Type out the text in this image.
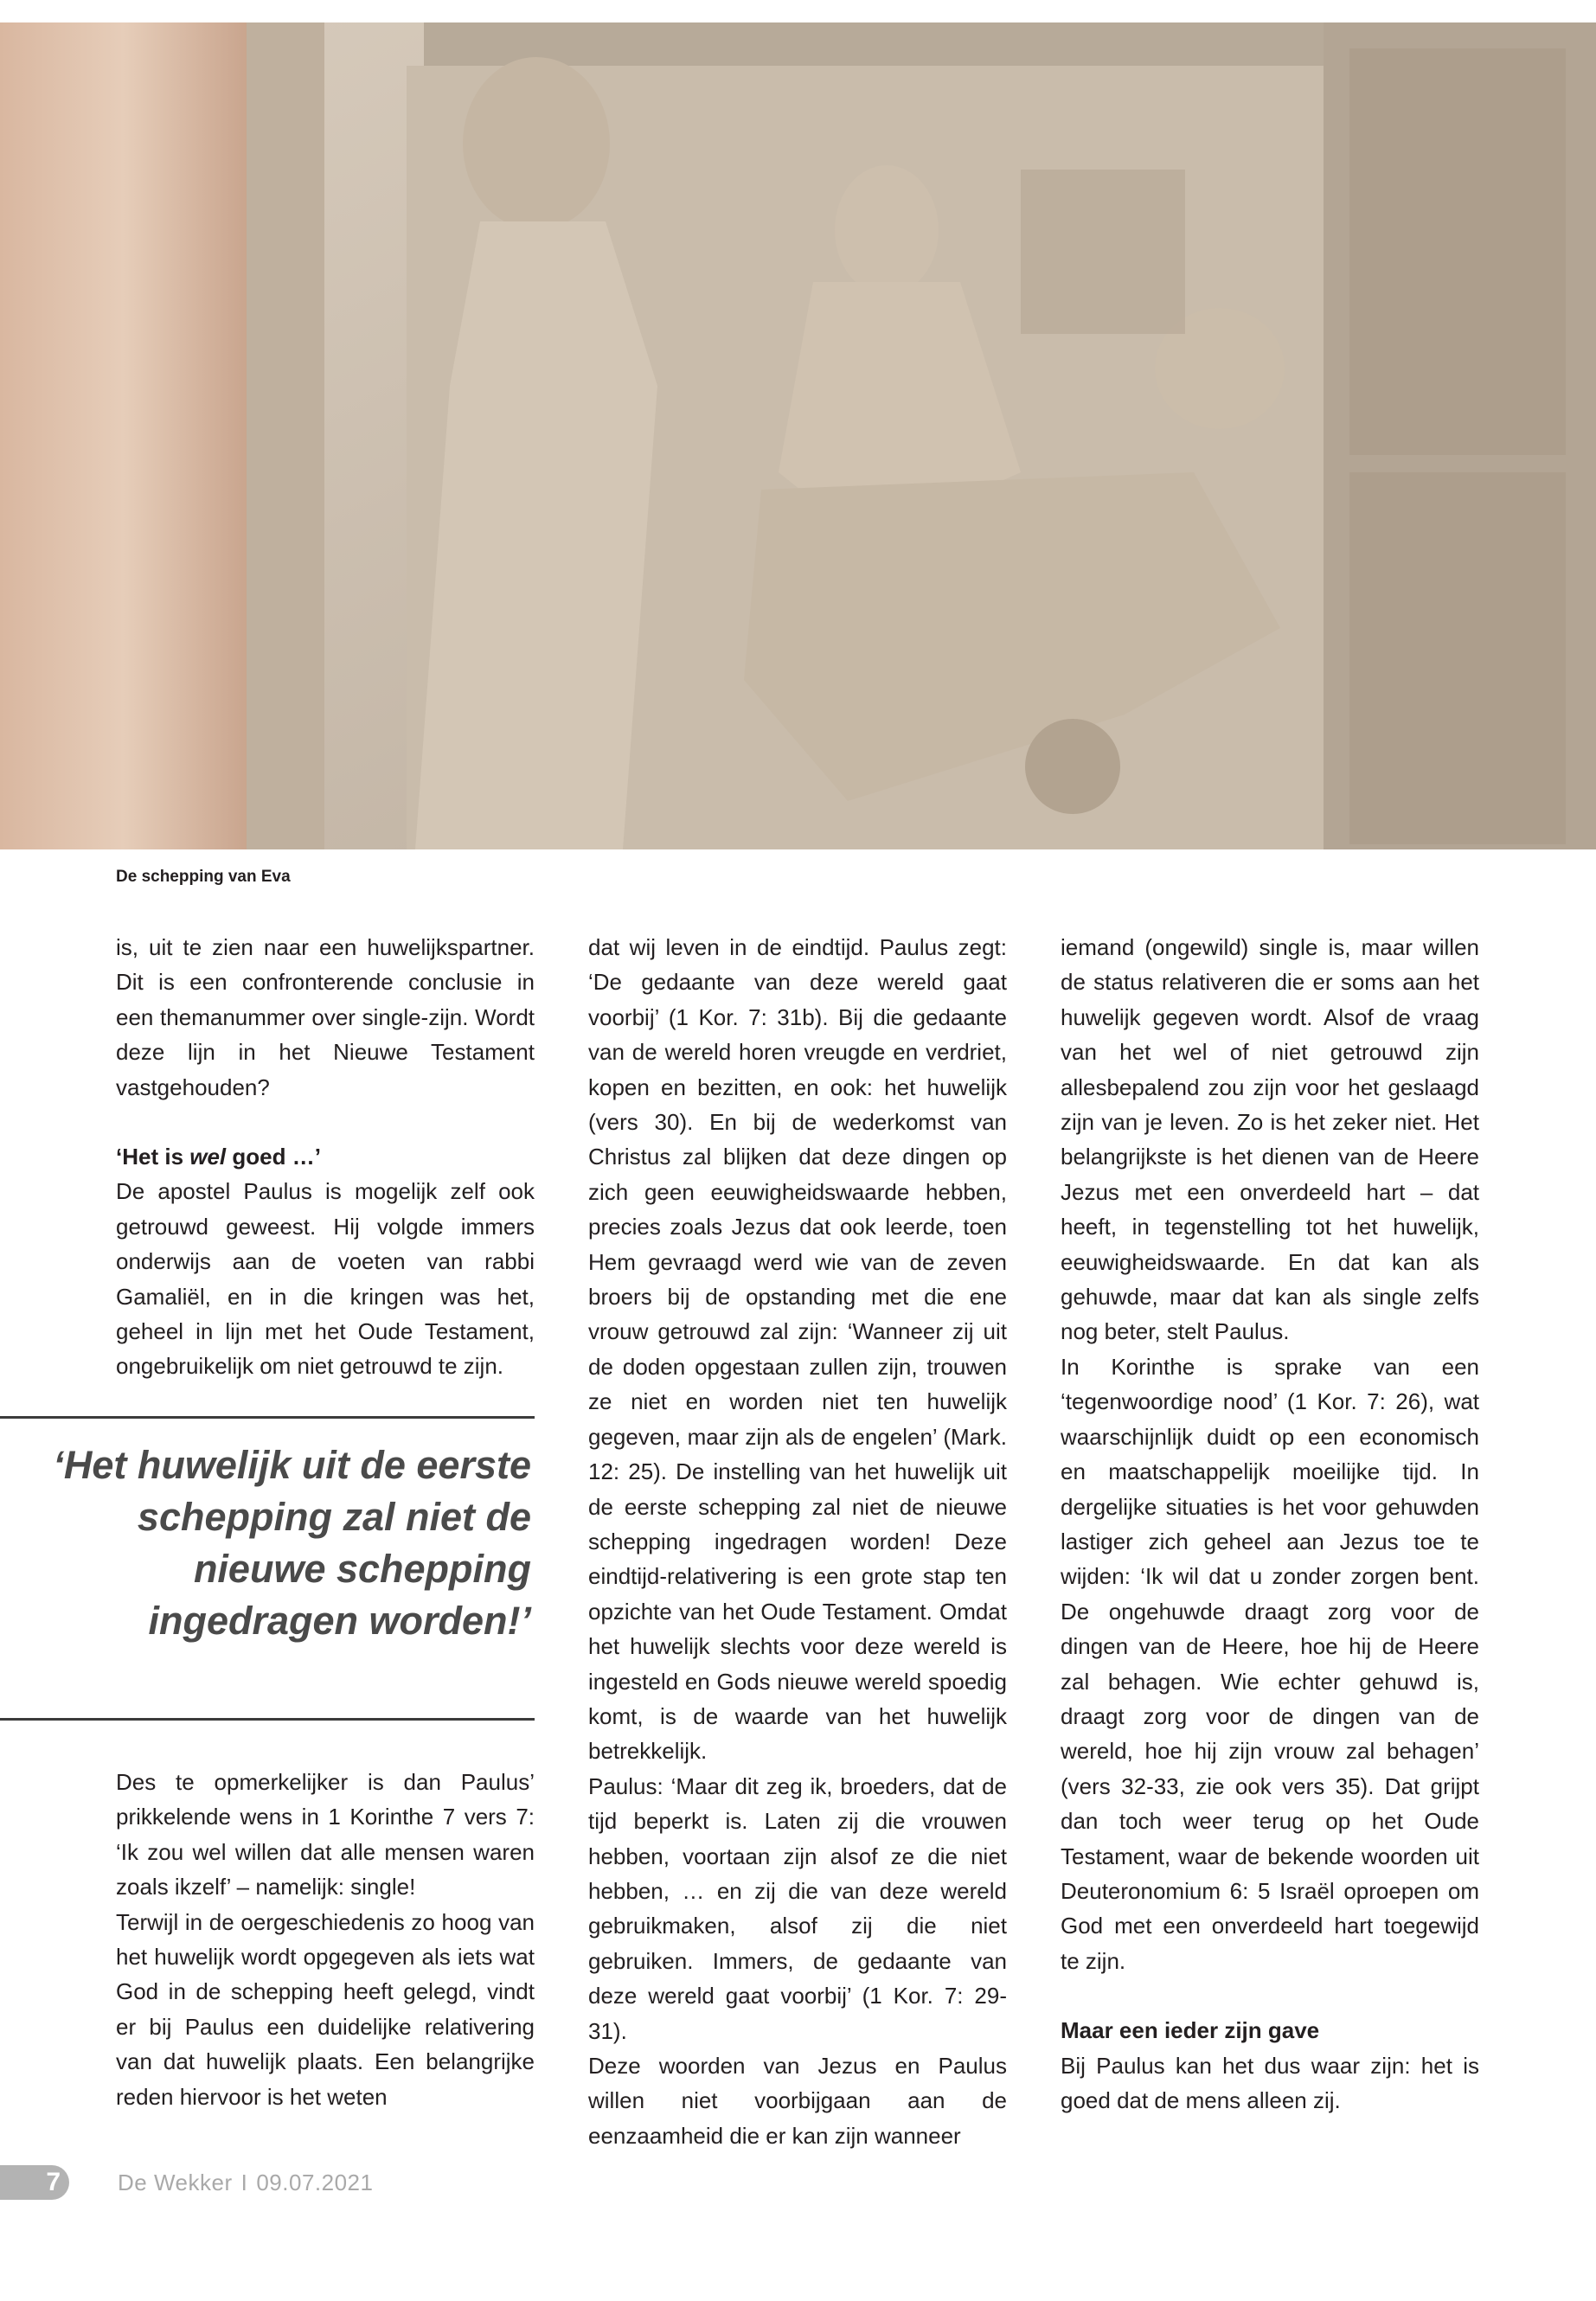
De schepping van Eva

is, uit te zien naar een huwelijkspartner. Dit is een confronterende conclusie in een themanummer over single-zijn. Wordt deze lijn in het Nieuwe Testament vastgehouden?

‘Het is wel goed …’

De apostel Paulus is mogelijk zelf ook getrouwd geweest. Hij volgde immers onderwijs aan de voeten van rabbi Gamaliël, en in die kringen was het, geheel in lijn met het Oude Testament, ongebruikelijk om niet getrouwd te zijn.

‘Het huwelijk uit de eerste schepping zal niet de nieuwe schepping ingedragen worden!’

Des te opmerkelijker is dan Paulus’ prikkelende wens in 1 Korinthe 7 vers 7: ‘Ik zou wel willen dat alle mensen waren zoals ikzelf’ – namelijk: single!

Terwijl in de oergeschiedenis zo hoog van het huwelijk wordt opgegeven als iets wat God in de schepping heeft gelegd, vindt er bij Paulus een duidelijke relativering van dat huwelijk plaats. Een belangrijke reden hiervoor is het weten

dat wij leven in de eindtijd. Paulus zegt: ‘De gedaante van deze wereld gaat voorbij’ (1 Kor. 7: 31b). Bij die gedaante van de wereld horen vreugde en verdriet, kopen en bezitten, en ook: het huwelijk (vers 30). En bij de wederkomst van Christus zal blijken dat deze dingen op zich geen eeuwigheidswaarde hebben, precies zoals Jezus dat ook leerde, toen Hem gevraagd werd wie van de zeven broers bij de opstanding met die ene vrouw getrouwd zal zijn: ‘Wanneer zij uit de doden opgestaan zullen zijn, trouwen ze niet en worden niet ten huwelijk gegeven, maar zijn als de engelen’ (Mark. 12: 25). De instelling van het huwelijk uit de eerste schepping zal niet de nieuwe schepping ingedragen worden! Deze eindtijd-relativering is een grote stap ten opzichte van het Oude Testament. Omdat het huwelijk slechts voor deze wereld is ingesteld en Gods nieuwe wereld spoedig komt, is de waarde van het huwelijk betrekkelijk.

Paulus: ‘Maar dit zeg ik, broeders, dat de tijd beperkt is. Laten zij die vrouwen hebben, voortaan zijn alsof ze die niet hebben, … en zij die van deze wereld gebruikmaken, alsof zij die niet gebruiken. Immers, de gedaante van deze wereld gaat voorbij’ (1 Kor. 7: 29-31).

Deze woorden van Jezus en Paulus willen niet voorbijgaan aan de eenzaamheid die er kan zijn wanneer

iemand (ongewild) single is, maar willen de status relativeren die er soms aan het huwelijk gegeven wordt. Alsof de vraag van het wel of niet getrouwd zijn allesbepalend zou zijn voor het geslaagd zijn van je leven. Zo is het zeker niet. Het belangrijkste is het dienen van de Heere Jezus met een onverdeeld hart – dat heeft, in tegenstelling tot het huwelijk, eeuwigheidswaarde. En dat kan als gehuwde, maar dat kan als single zelfs nog beter, stelt Paulus.

In Korinthe is sprake van een ‘tegenwoordige nood’ (1 Kor. 7: 26), wat waarschijnlijk duidt op een economisch en maatschappelijk moeilijke tijd. In dergelijke situaties is het voor gehuwden lastiger zich geheel aan Jezus toe te wijden: ‘Ik wil dat u zonder zorgen bent. De ongehuwde draagt zorg voor de dingen van de Heere, hoe hij de Heere zal behagen. Wie echter gehuwd is, draagt zorg voor de dingen van de wereld, hoe hij zijn vrouw zal behagen’ (vers 32-33, zie ook vers 35). Dat grijpt dan toch weer terug op het Oude Testament, waar de bekende woorden uit Deuteronomium 6: 5 Israël oproepen om God met een onverdeeld hart toegewijd te zijn.

Maar een ieder zijn gave

Bij Paulus kan het dus waar zijn: het is goed dat de mens alleen zij.

7	De Wekker I 09.07.2021
